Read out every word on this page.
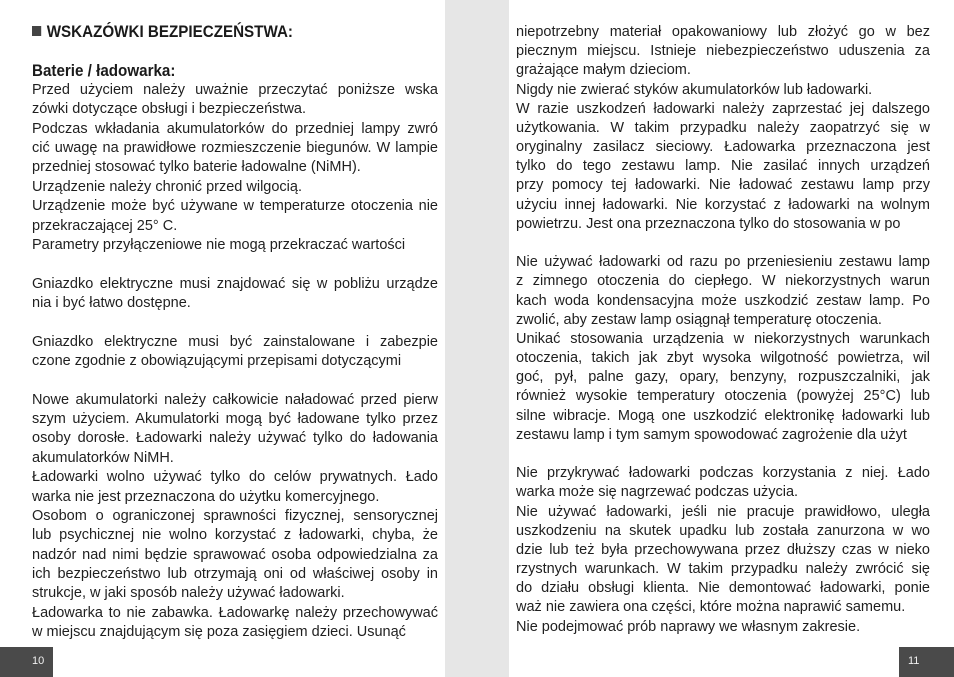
WSKAZÓWKI BEZPIECZEŃSTWA:
Baterie / ładowarka:
Przed użyciem należy uważnie przeczytać poniższe wska
zówki dotyczące obsługi i bezpieczeństwa.
Podczas wkładania akumulatorków do przedniej lampy zwró
cić uwagę na prawidłowe rozmieszczenie biegunów. W lampie
przedniej stosować tylko baterie ładowalne (NiMH).
Urządzenie należy chronić przed wilgocią.
Urządzenie może być używane w temperaturze otoczenia nie
przekraczającej 25° C.
Parametry przyłączeniowe nie mogą przekraczać wartości
Gniazdko elektryczne musi znajdować się w pobliżu urządze
nia i być łatwo dostępne.
Gniazdko elektryczne musi być zainstalowane i zabezpie
czone zgodnie z obowiązującymi przepisami dotyczącymi
Nowe akumulatorki należy całkowicie naładować przed pierw
szym użyciem. Akumulatorki mogą być ładowane tylko przez
osoby dorosłe. Ładowarki należy używać tylko do ładowania
akumulatorków NiMH.
Ładowarki wolno używać tylko do celów prywatnych. Łado
warka nie jest przeznaczona do użytku komercyjnego.
Osobom o ograniczonej sprawności fizycznej, sensorycznej
lub psychicznej nie wolno korzystać z ładowarki, chyba, że
nadzór nad nimi będzie sprawować osoba odpowiedzialna za
ich bezpieczeństwo lub otrzymają oni od właściwej osoby in
strukcje, w jaki sposób należy używać ładowarki.
Ładowarka to nie zabawka. Ładowarkę należy przechowywać
w miejscu znajdującym się poza zasięgiem dzieci. Usunąć
10
niepotrzebny materiał opakowaniowy lub złożyć go w bez
piecznym miejscu. Istnieje niebezpieczeństwo uduszenia za
grażające małym dzieciom.
Nigdy nie zwierać styków akumulatorków lub ładowarki.
W razie uszkodzeń ładowarki należy zaprzestać jej dalszego
użytkowania. W takim przypadku należy zaopatrzyć się w
oryginalny zasilacz sieciowy. Ładowarka przeznaczona jest
tylko do tego zestawu lamp. Nie zasilać innych urządzeń
przy pomocy tej ładowarki. Nie ładować zestawu lamp przy
użyciu innej ładowarki. Nie korzystać z ładowarki na wolnym
powietrzu. Jest ona przeznaczona tylko do stosowania w po
Nie używać ładowarki od razu po przeniesieniu zestawu lamp
z zimnego otoczenia do ciepłego. W niekorzystnych warun
kach woda kondensacyjna może uszkodzić zestaw lamp. Po
zwolić, aby zestaw lamp osiągnął temperaturę otoczenia.
Unikać stosowania urządzenia w niekorzystnych warunkach
otoczenia, takich jak zbyt wysoka wilgotność powietrza, wil
goć, pył, palne gazy, opary, benzyny, rozpuszczalniki, jak
również wysokie temperatury otoczenia (powyżej 25°C) lub
silne wibracje. Mogą one uszkodzić elektronikę ładowarki lub
zestawu lamp i tym samym spowodować zagrożenie dla użyt
Nie przykrywać ładowarki podczas korzystania z niej. Łado
warka może się nagrzewać podczas użycia.
Nie używać ładowarki, jeśli nie pracuje prawidłowo, uległa
uszkodzeniu na skutek upadku lub została zanurzona w wo
dzie lub też była przechowywana przez dłuższy czas w nieko
rzystnych warunkach. W takim przypadku należy zwrócić się
do działu obsługi klienta. Nie demontować ładowarki, ponie
waż nie zawiera ona części, które można naprawić samemu.
Nie podejmować prób naprawy we własnym zakresie.
11
